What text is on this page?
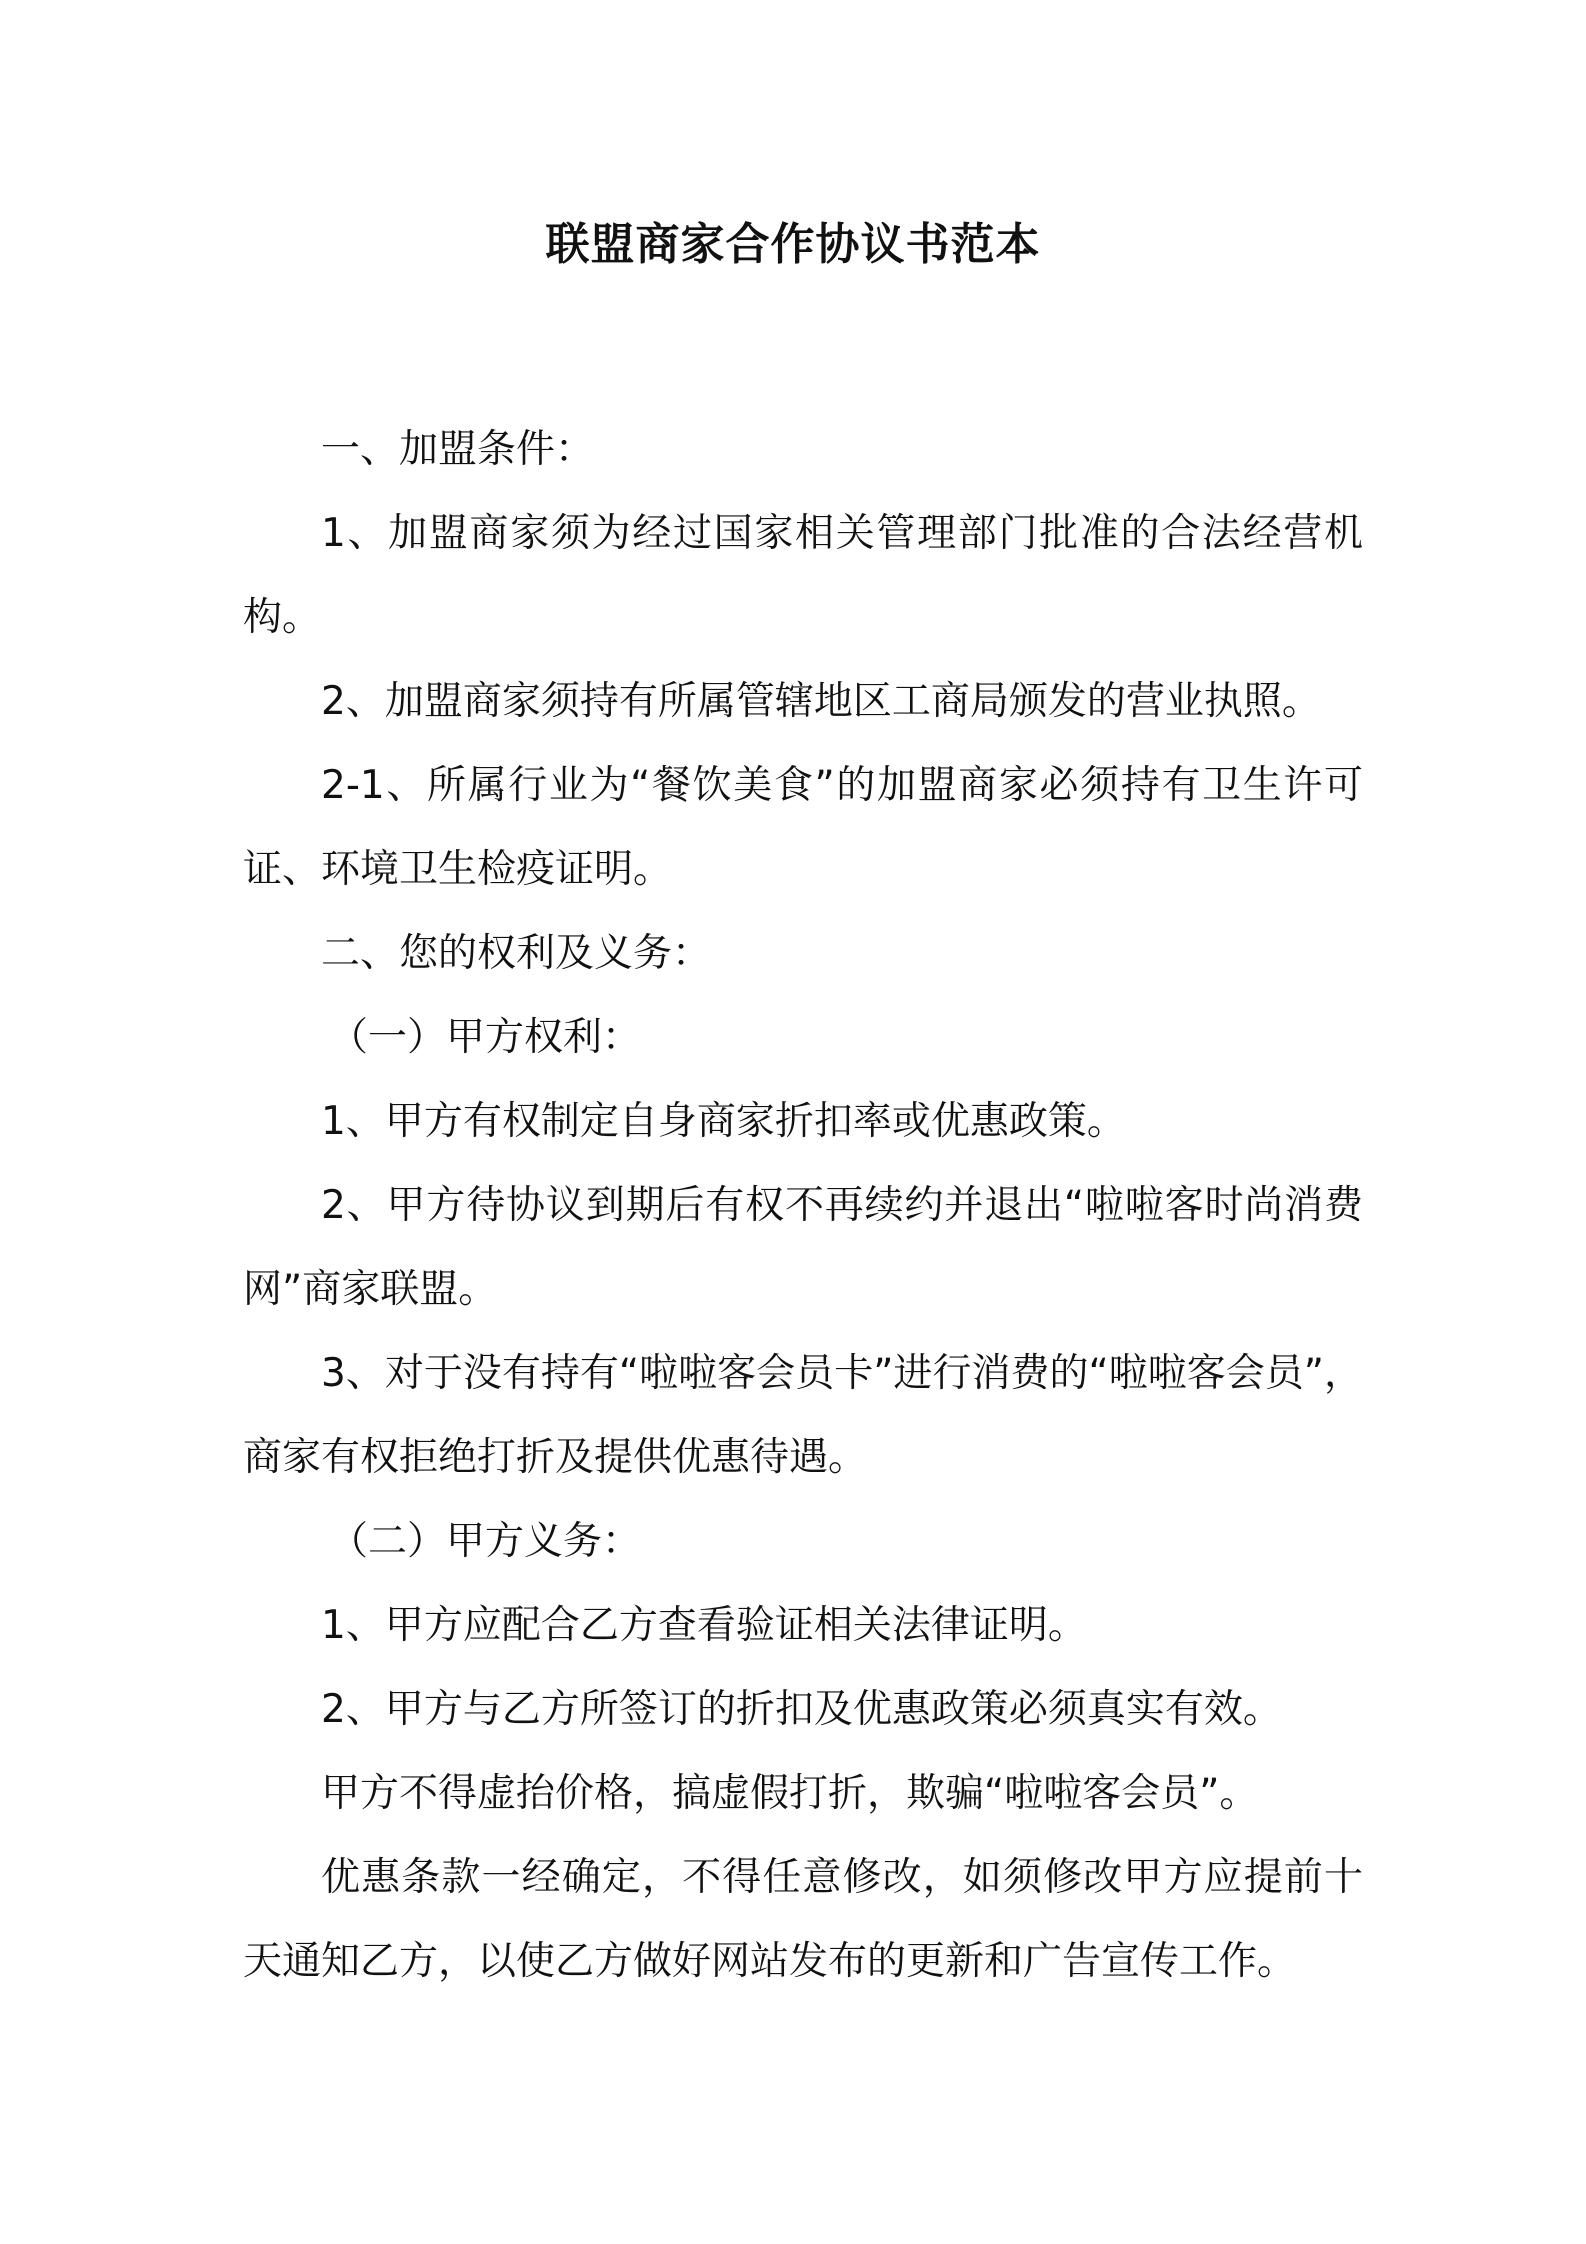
联盟商家合作协议书范本

一、加盟条件：

1、加盟商家须为经过国家相关管理部门批准的合法经营机构。

2、加盟商家须持有所属管辖地区工商局颁发的营业执照。

2-1、所属行业为“餐饮美食”的加盟商家必须持有卫生许可证、环境卫生检疫证明。

二、您的权利及义务：

（一）甲方权利：

1、甲方有权制定自身商家折扣率或优惠政策。

2、甲方待协议到期后有权不再续约并退出“啦啦客时尚消费网”商家联盟。

3、对于没有持有“啦啦客会员卡”进行消费的“啦啦客会员”，商家有权拒绝打折及提供优惠待遇。

（二）甲方义务：

1、甲方应配合乙方查看验证相关法律证明。

2、甲方与乙方所签订的折扣及优惠政策必须真实有效。

甲方不得虚抬价格，搞虚假打折，欺骗“啦啦客会员”。

优惠条款一经确定，不得任意修改，如须修改甲方应提前十天通知乙方，以使乙方做好网站发布的更新和广告宣传工作。
